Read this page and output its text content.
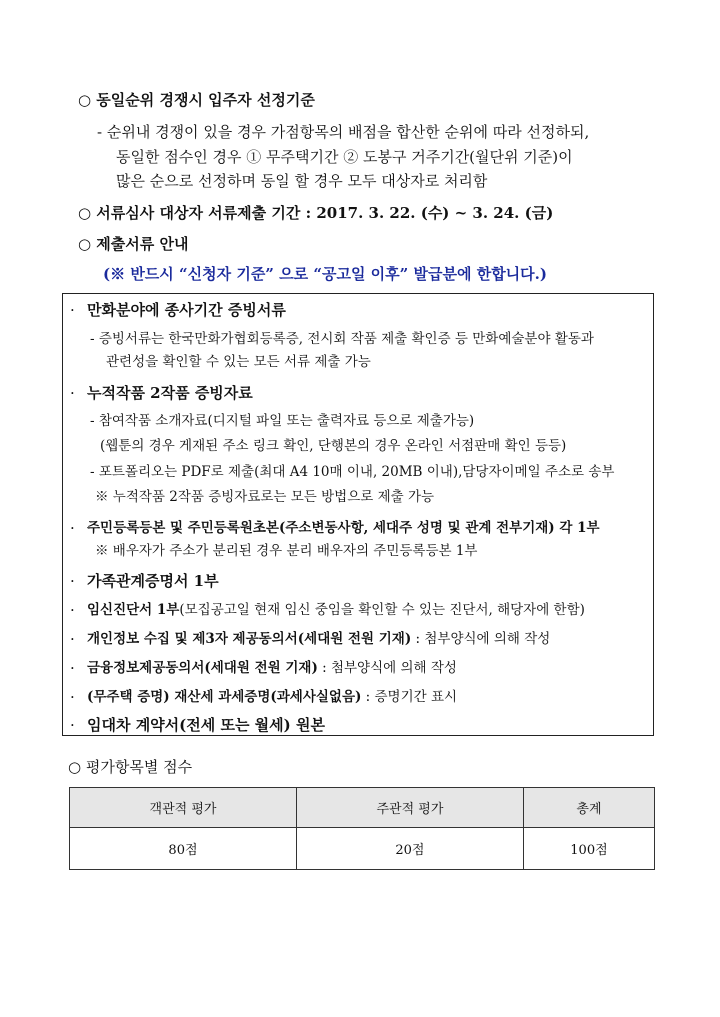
○ 동일순위 경쟁시 입주자 선정기준
- 순위내 경쟁이 있을 경우 가점항목의 배점을 합산한 순위에 따라 선정하되,
동일한 점수인 경우 ① 무주택기간 ② 도봉구 거주기간(월단위 기준)이
많은 순으로 선정하며 동일 할 경우 모두 대상자로 처리함
○ 서류심사 대상자 서류제출 기간 : 2017. 3. 22. (수) ~ 3. 24. (금)
○ 제출서류 안내
(※ 반드시 “신청자 기준” 으로 “공고일 이후” 발급분에 한합니다.)
· 만화분야에 종사기간 증빙서류
- 증빙서류는 한국만화가협회등록증, 전시회 작품 제출 확인증 등 만화예술분야 활동과
관련성을 확인할 수 있는 모든 서류 제출 가능
· 누적작품 2작품 증빙자료
- 참여작품 소개자료(디지털 파일 또는 출력자료 등으로 제출가능)
(웹툰의 경우 게재된 주소 링크 확인, 단행본의 경우 온라인 서점판매 확인 등등)
- 포트폴리오는 PDF로 제출(최대 A4 10매 이내, 20MB 이내),담당자이메일 주소로 송부
※ 누적작품 2작품 증빙자료로는 모든 방법으로 제출 가능
· 주민등록등본 및 주민등록원초본(주소변동사항, 세대주 성명 및 관계 전부기재) 각 1부
※ 배우자가 주소가 분리된 경우 분리 배우자의 주민등록등본 1부
· 가족관계증명서 1부
· 임신진단서 1부(모집공고일 현재 임신 중임을 확인할 수 있는 진단서, 해당자에 한함)
· 개인정보 수집 및 제3자 제공동의서(세대원 전원 기재) : 첨부양식에 의해 작성
· 금융정보제공동의서(세대원 전원 기재) : 첨부양식에 의해 작성
· (무주택 증명) 재산세 과세증명(과세사실없음) : 증명기간 표시
· 임대차 계약서(전세 또는 월세) 원본
○ 평가항목별 점수
객관적 평가	주관적 평가	총계
80점	20점	100점
